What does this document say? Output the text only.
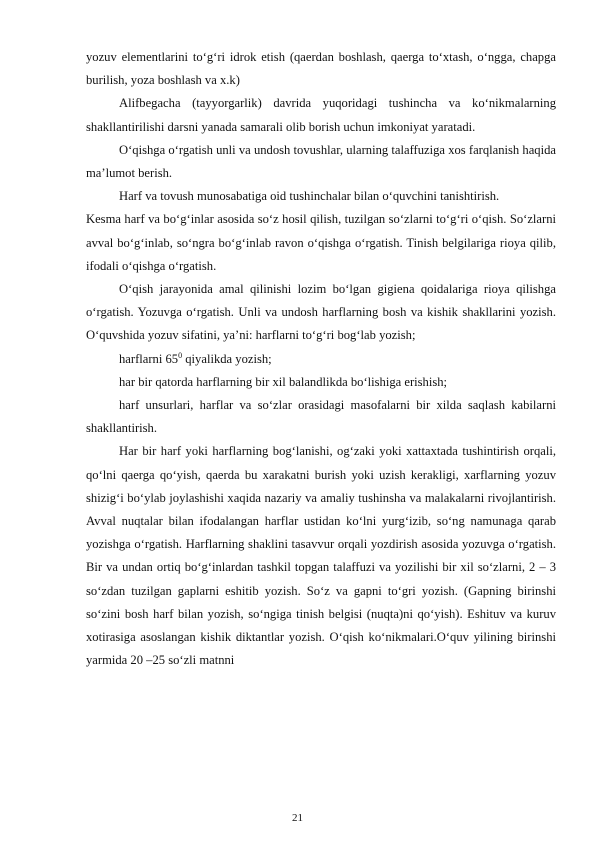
yozuv elementlarini to‘g‘ri idrok etish (qaerdan boshlash, qaerga to‘xtash, o‘ngga, chapga burilish, yoza boshlash va x.k)

Alifbegacha (tayyorgarlik) davrida yuqoridagi tushincha va ko‘nikmalarning shakllantirilishi darsni yanada samarali olib borish uchun imkoniyat yaratadi.

O‘qishga o‘rgatish unli va undosh tovushlar, ularning talaffuziga xos farqlanish haqida ma’lumot berish.

Harf va tovush munosabatiga oid tushinchalar bilan o‘quvchini tanishtirish.

Kesma harf va bo‘g‘inlar asosida so‘z hosil qilish, tuzilgan so‘zlarni to‘g‘ri o‘qish. So‘zlarni avval bo‘g‘inlab, so‘ngra bo‘g‘inlab ravon o‘qishga o‘rgatish. Tinish belgilariga rioya qilib, ifodali o‘qishga o‘rgatish.

O‘qish jarayonida amal qilinishi lozim bo‘lgan gigiena qoidalariga rioya qilishga o‘rgatish. Yozuvga o‘rgatish. Unli va undosh harflarning bosh va kishik shakllarini yozish. O‘quvshida yozuv sifatini, ya’ni: harflarni to‘g‘ri bog‘lab yozish;

harflarni $65^0$ qiyalikda yozish;

har bir qatorda harflarning bir xil balandlikda bo‘lishiga erishish;

harf unsurlari, harflar va so‘zlar orasidagi masofalarni bir xilda saqlash kabilarni shakllantirish.

Har bir harf yoki harflarning bog‘lanishi, og‘zaki yoki xattaxtada tushintirish orqali, qo‘lni qaerga qo‘yish, qaerda bu xarakatni burish yoki uzish kerakligi, xarflarning yozuv shizig‘i bo‘ylab joylashishi xaqida nazariy va amaliy tushinsha va malakalarni rivojlantirish. Avval nuqtalar bilan ifodalangan harflar ustidan ko‘lni yurg‘izib, so‘ng namunaga qarab yozishga o‘rgatish. Harflarning shaklini tasavvur orqali yozdirish asosida yozuvga o‘rgatish. Bir va undan ortiq bo‘g‘inlardan tashkil topgan talaffuzi va yozilishi bir xil so‘zlarni, 2 – 3 so‘zdan tuzilgan gaplarni eshitib yozish. So‘z va gapni to‘gri yozish. (Gapning birinshi so‘zini bosh harf bilan yozish, so‘ngiga tinish belgisi (nuqta)ni qo‘yish). Eshituv va kuruv xotirasiga asoslangan kishik diktantlar yozish. O‘qish ko‘nikmalari.O‘quv yilining birinshi yarmida 20 –25 so‘zli matnni

21
